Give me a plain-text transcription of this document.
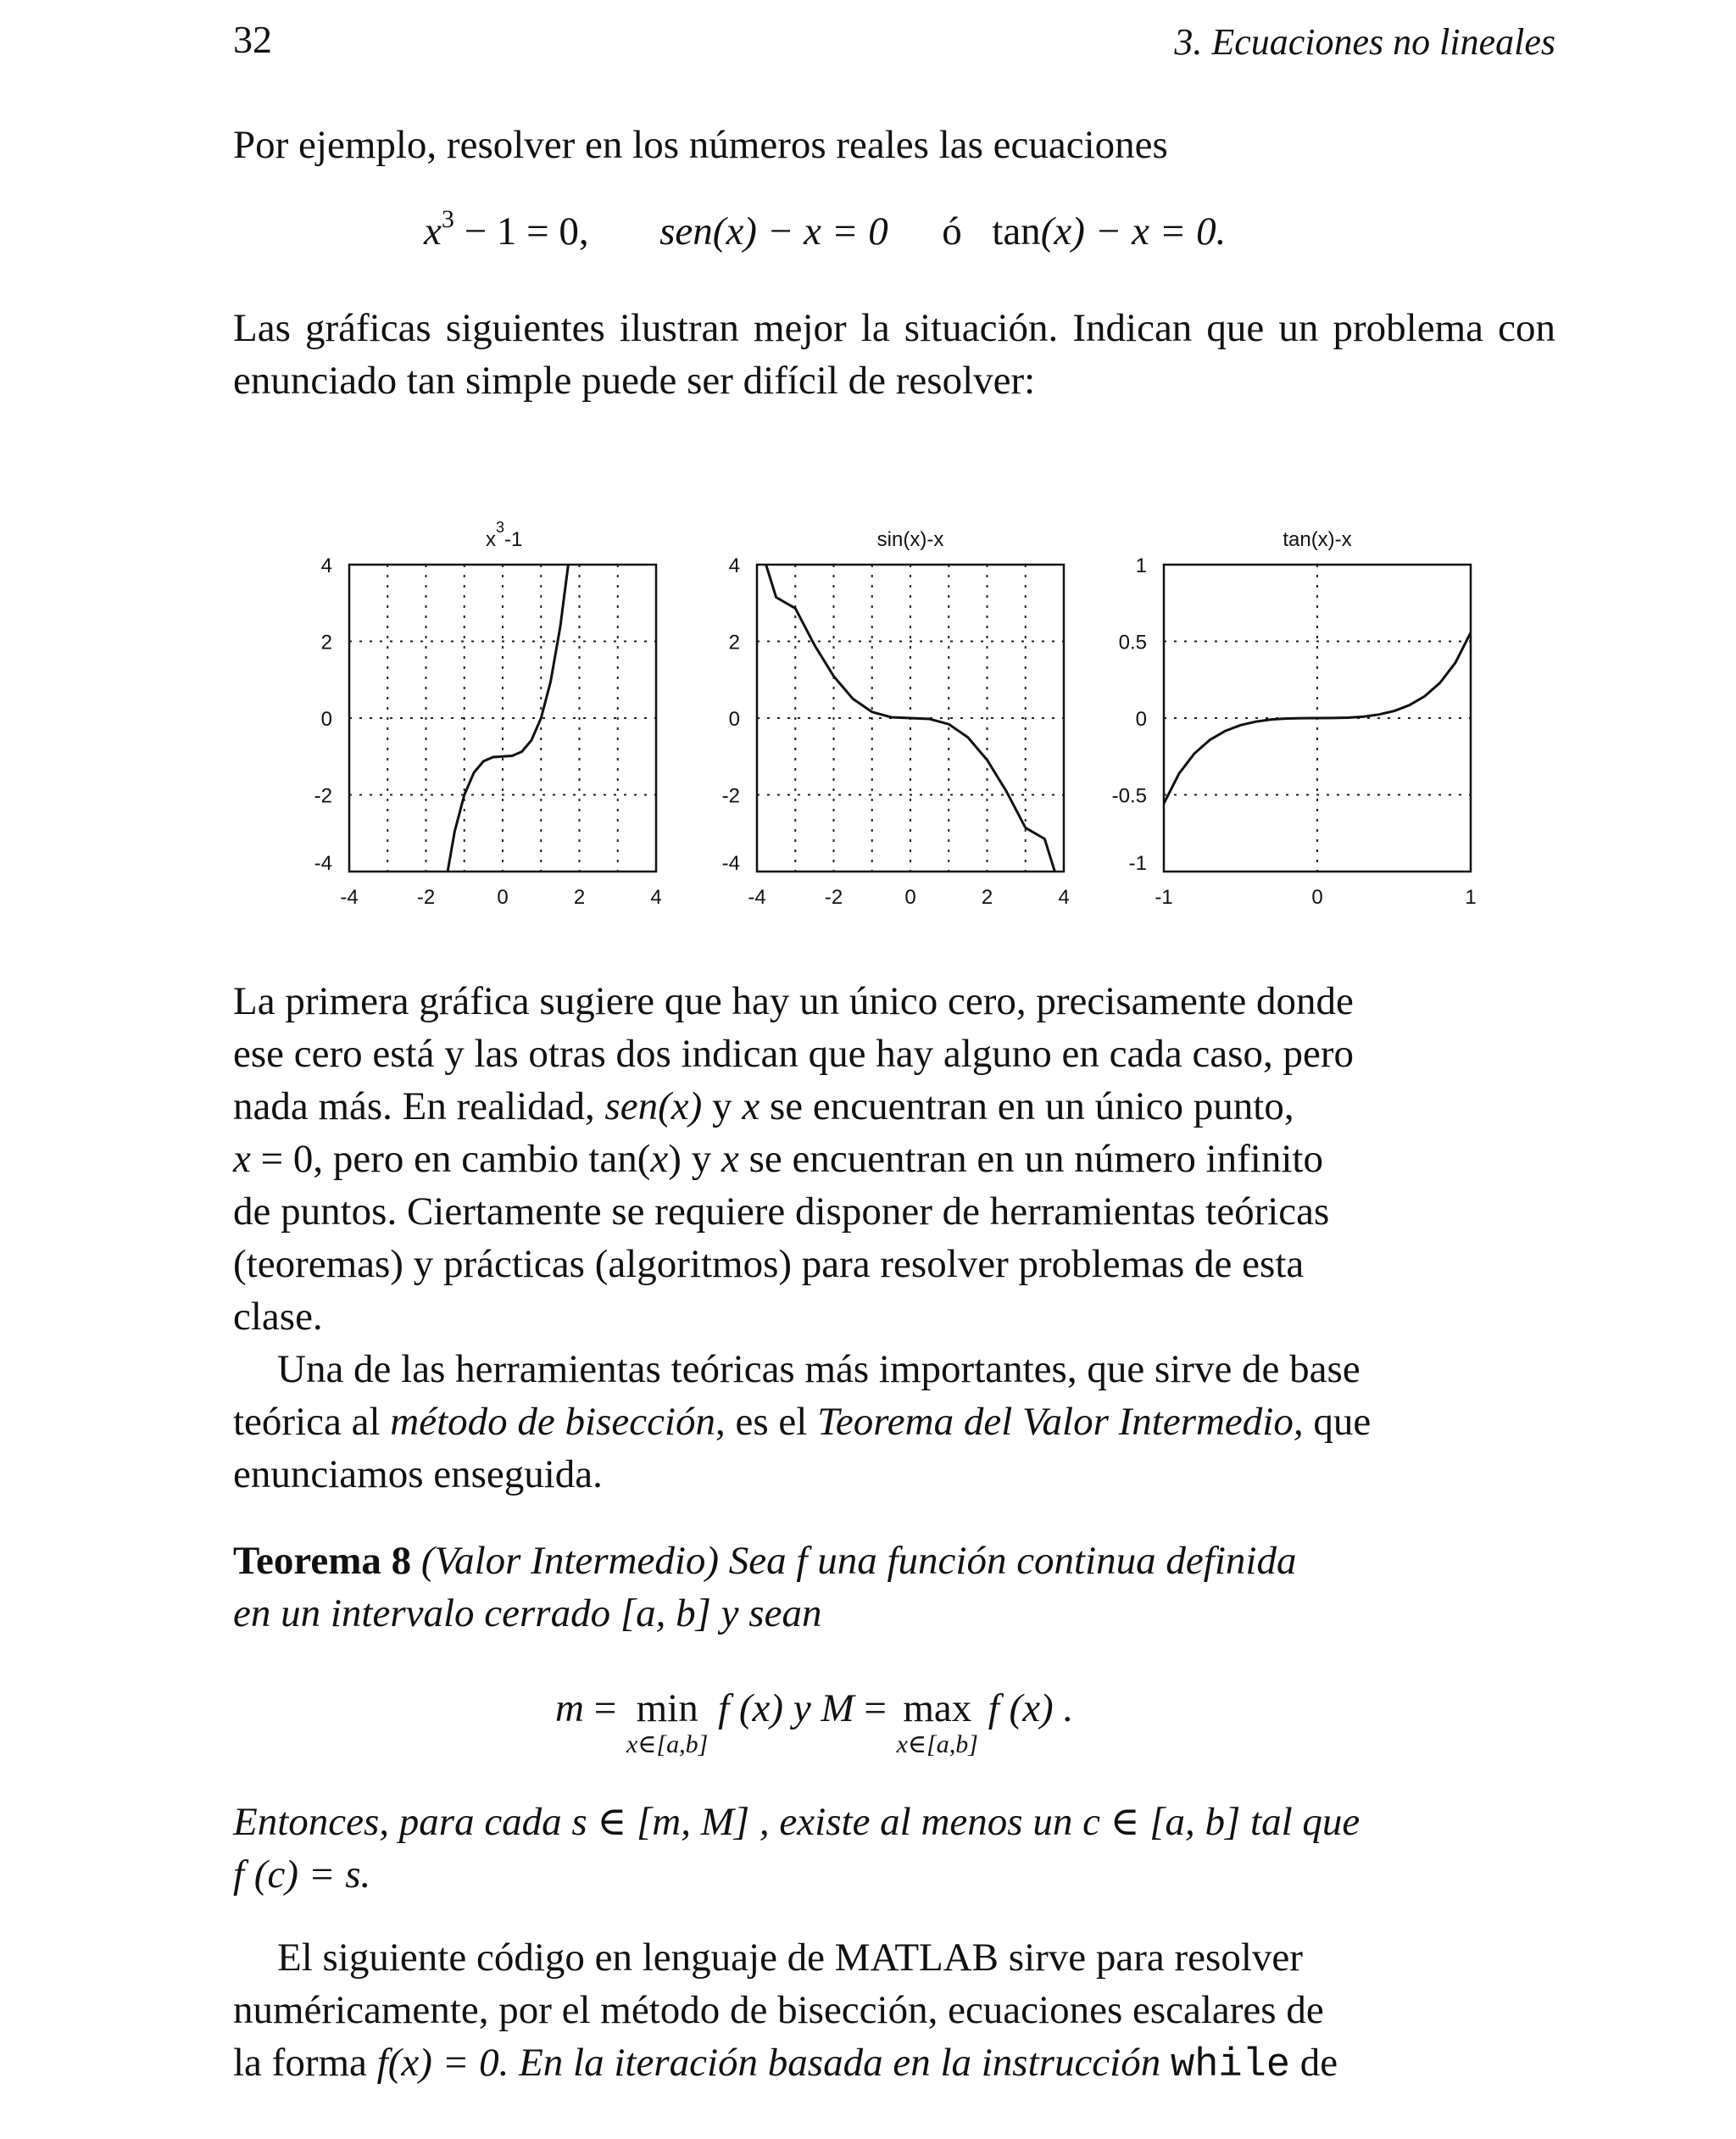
32	3. Ecuaciones no lineales

Por ejemplo, resolver en los números reales las ecuaciones

$x^3 - 1 = 0$, sen(x) − x = 0 ó tan(x) − x = 0.

Las gráficas siguientes ilustran mejor la situación. Indican que un problema con enunciado tan simple puede ser difícil de resolver:

-4	-2	0	2	4
4
2
0
-2
-4
$x^3-1$
-4	-2	0	2	4
4
2
0
-2
-4
sin(x)-x
-1	0	1
1
0.5
0
-0.5
-1
tan(x)-x

La primera gráfica sugiere que hay un único cero, precisamente donde

ese cero está y las otras dos indican que hay alguno en cada caso, pero

nada más. En realidad, sen(x) y x se encuentran en un único punto,

x = 0, pero en cambio tan(x) y x se encuentran en un número infinito

de puntos. Ciertamente se requiere disponer de herramientas teóricas

(teoremas) y prácticas (algoritmos) para resolver problemas de esta

clase.

Una de las herramientas teóricas más importantes, que sirve de base

teórica al método de bisección, es el Teorema del Valor Intermedio, que

enunciamos enseguida.

Teorema 8 (Valor Intermedio) Sea f una función continua definida

en un intervalo cerrado [a, b] y sean

m = min
x∈[a,b]
f (x) y M = max
x∈[a,b]
f (x) .

Entonces, para cada s ∈ [m, M] , existe al menos un c ∈ [a, b] tal que

f (c) = s.

El siguiente código en lenguaje de MATLAB sirve para resolver

numéricamente, por el método de bisección, ecuaciones escalares de

la forma f(x) = 0. En la iteración basada en la instrucción while de
